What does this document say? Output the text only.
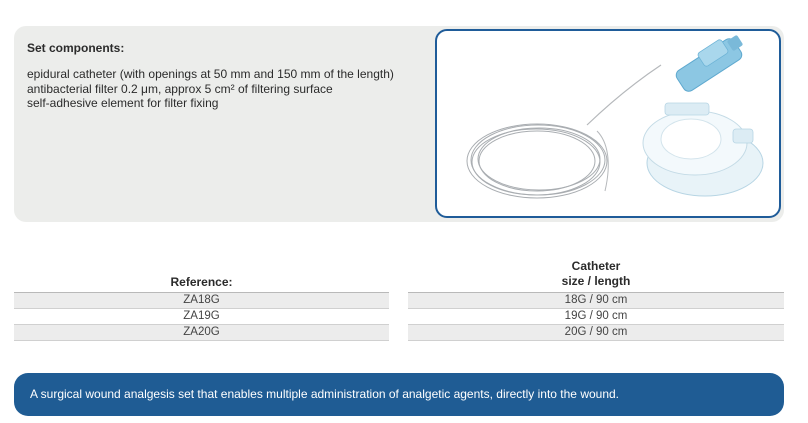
Set components:
epidural catheter (with openings at 50 mm and 150 mm of the length)
antibacterial filter 0.2 μm, approx 5 cm² of filtering surface
self-adhesive element for filter fixing
Reference:
ZA18G
ZA19G
ZA20G
Catheter
size / length
18G / 90 cm
19G / 90 cm
20G / 90 cm
A surgical wound analgesis set that enables multiple administration of analgetic agents, directly into the wound.
